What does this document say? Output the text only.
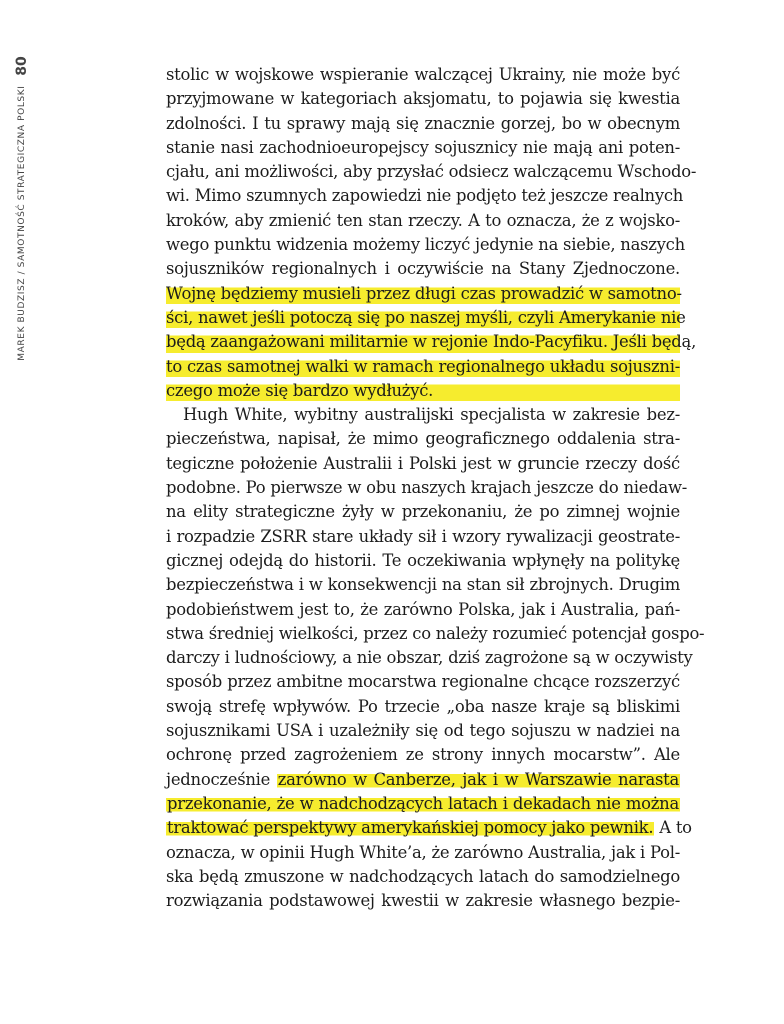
MAREK BUDZISZ / SAMOTNOŚĆ STRATEGICZNA POLSKI
80	stolic w wojskowe wspieranie walczącej Ukrainy, nie może być
przyjmowane w kategoriach aksjomatu, to pojawia się kwestia
zdolności. I tu sprawy mają się znacznie gorzej, bo w obecnym
stanie nasi zachodnioeuropejscy sojusznicy nie mają ani poten-
cjału, ani możliwości, aby przysłać odsiecz walczącemu Wschodo-
wi. Mimo szumnych zapowiedzi nie podjęto też jeszcze realnych
kroków, aby zmienić ten stan rzeczy. A to oznacza, że z wojsko-
wego punktu widzenia możemy liczyć jedynie na siebie, naszych
sojuszników regionalnych i oczywiście na Stany Zjednoczone.
Wojnę będziemy musieli przez długi czas prowadzić w samotno-
ści, nawet jeśli potoczą się po naszej myśli, czyli Amerykanie nie
będą zaangażowani militarnie w rejonie Indo-Pacyfiku. Jeśli będą,
to czas samotnej walki w ramach regionalnego układu sojuszni-
czego może się bardzo wydłużyć.
Hugh White, wybitny australijski specjalista w zakresie bez-
pieczeństwa, napisał, że mimo geograficznego oddalenia stra-
tegiczne położenie Australii i Polski jest w gruncie rzeczy dość
podobne. Po pierwsze w obu naszych krajach jeszcze do niedaw-
na elity strategiczne żyły w przekonaniu, że po zimnej wojnie
i rozpadzie ZSRR stare układy sił i wzory rywalizacji geostrate-
gicznej odejdą do historii. Te oczekiwania wpłynęły na politykę
bezpieczeństwa i w konsekwencji na stan sił zbrojnych. Drugim
podobieństwem jest to, że zarówno Polska, jak i Australia, pań-
stwa średniej wielkości, przez co należy rozumieć potencjał gospo-
darczy i ludnościowy, a nie obszar, dziś zagrożone są w oczywisty
sposób przez ambitne mocarstwa regionalne chcące rozszerzyć
swoją strefę wpływów. Po trzecie „oba nasze kraje są bliskimi
sojusznikami USA i uzależniły się od tego sojuszu w nadziei na
ochronę przed zagrożeniem ze strony innych mocarstw”. Ale
jednocześnie zarówno w Canberze, jak i w Warszawie narasta
przekonanie, że w nadchodzących latach i dekadach nie można
traktować perspektywy amerykańskiej pomocy jako pewnik. A to
oznacza, w opinii Hugh White’a, że zarówno Australia, jak i Pol-
ska będą zmuszone w nadchodzących latach do samodzielnego
rozwiązania podstawowej kwestii w zakresie własnego bezpie-
